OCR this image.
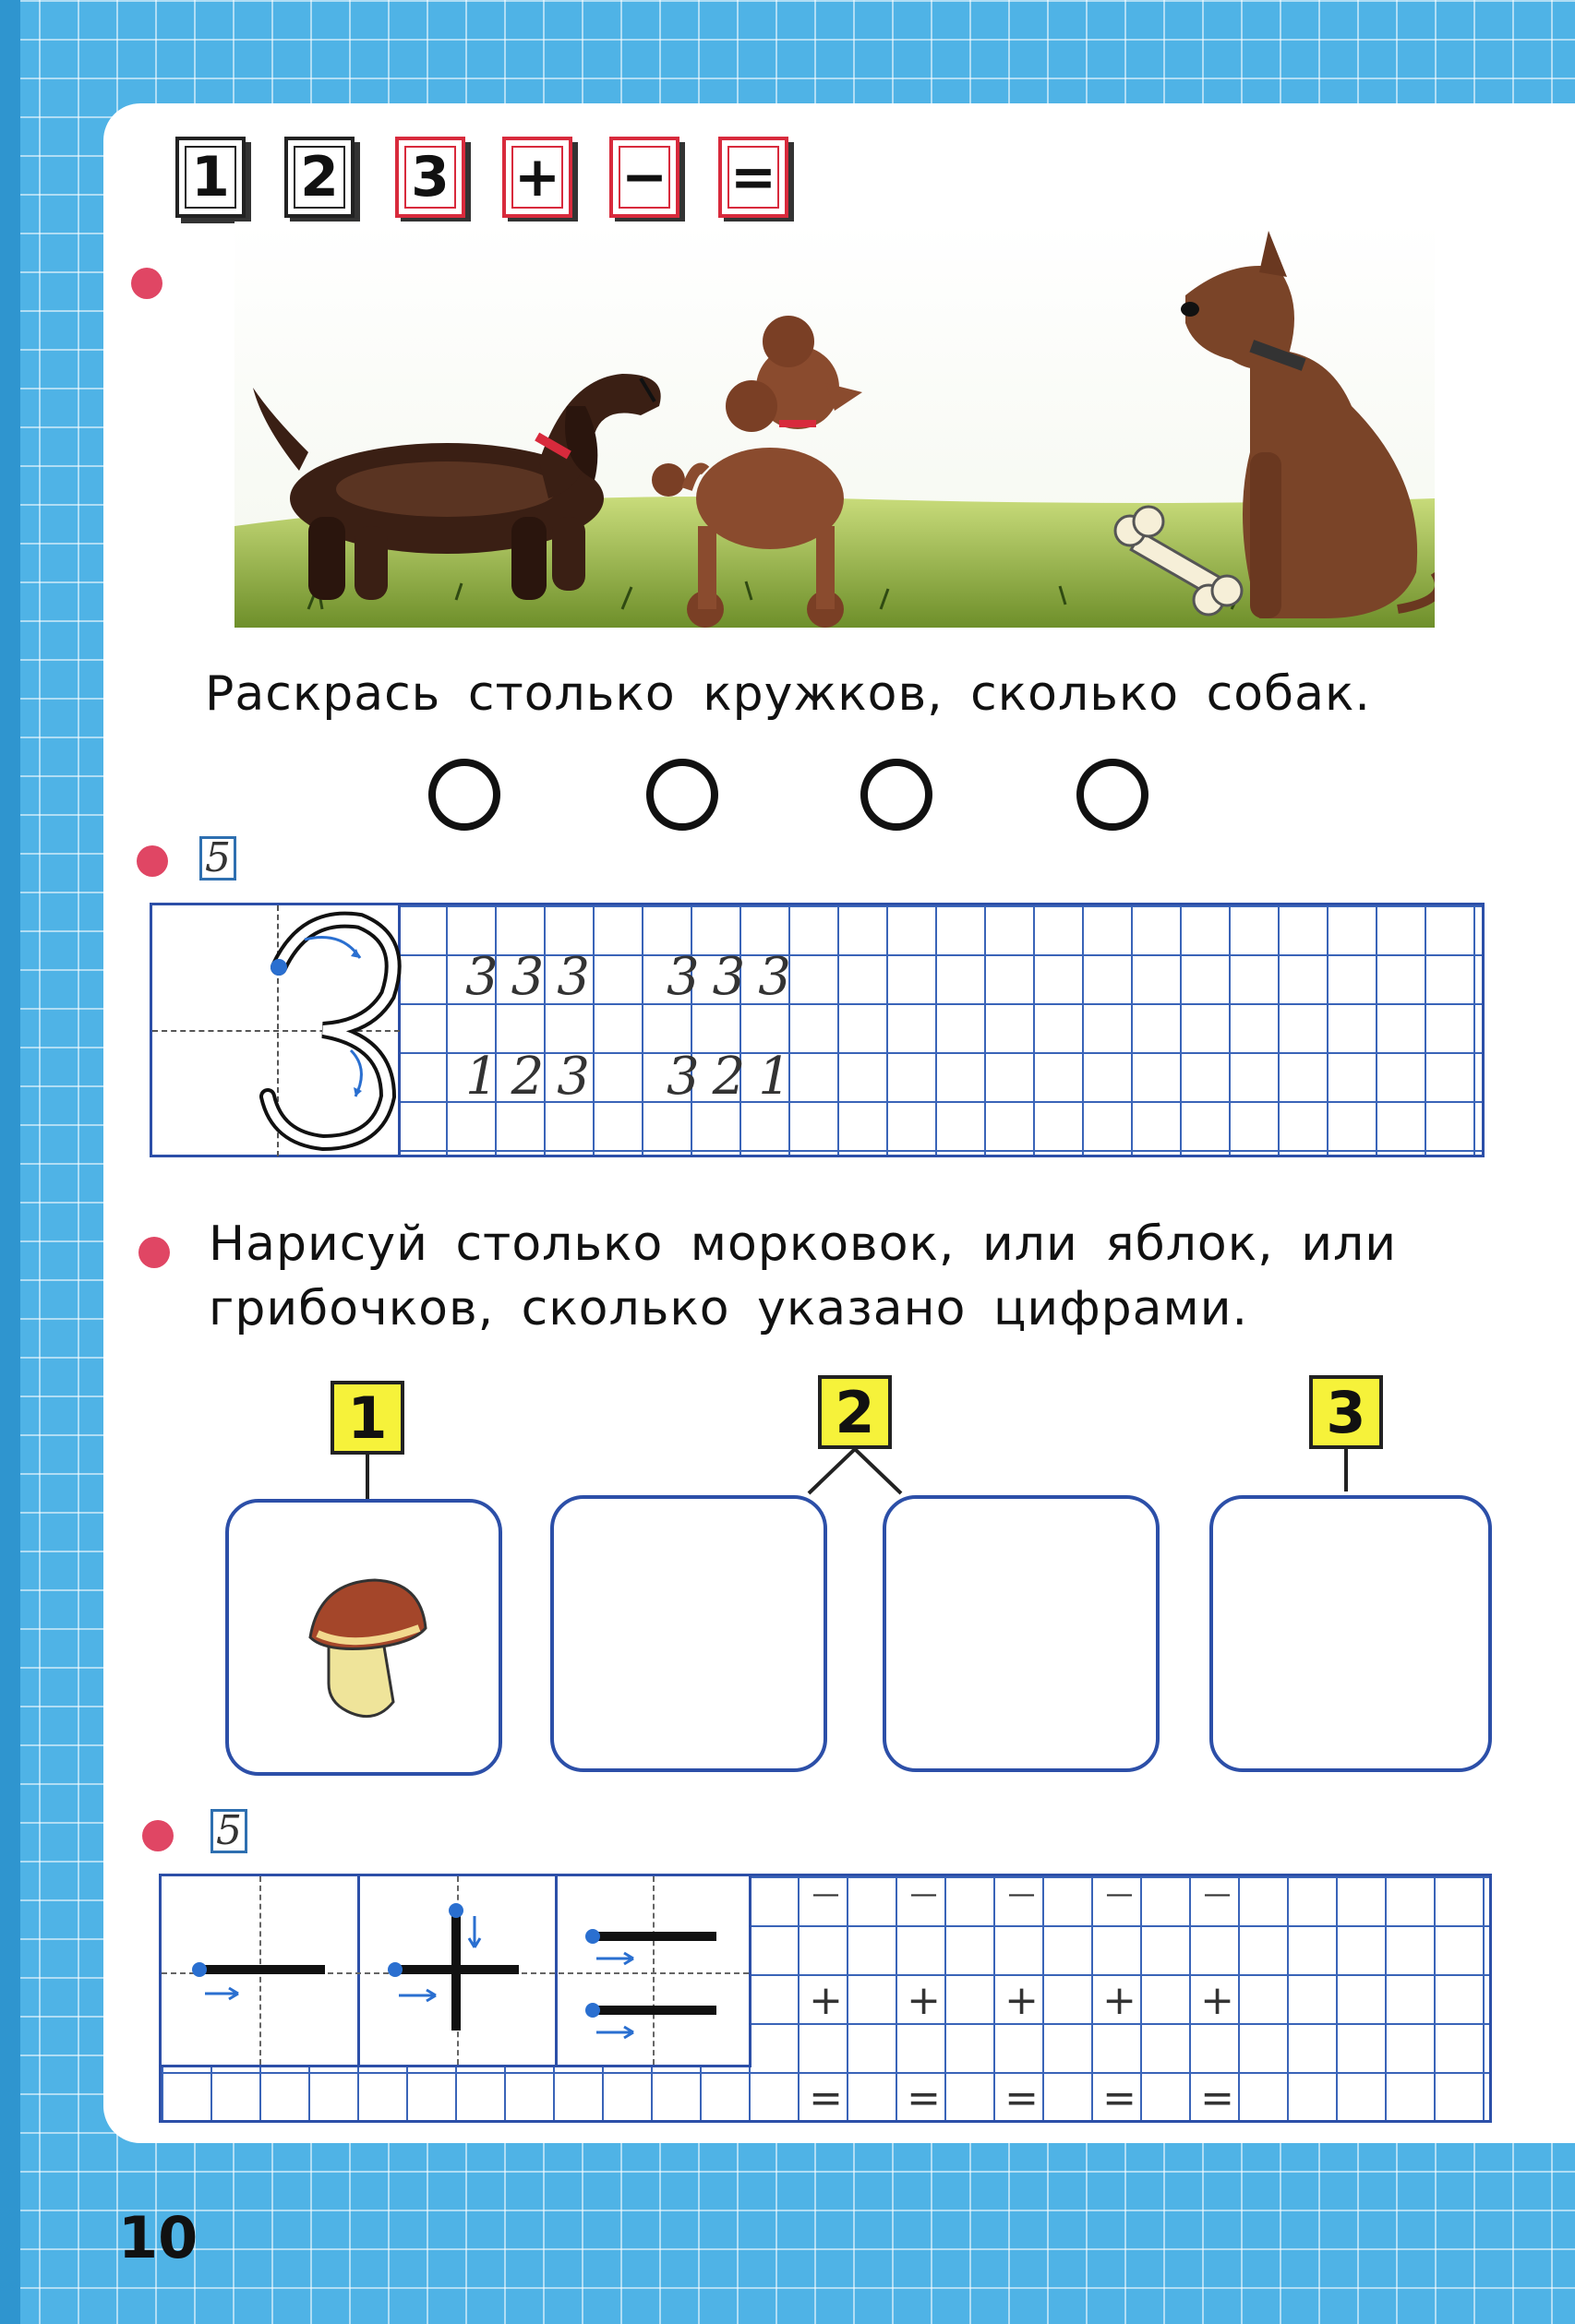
1 2 3 + − =
Раскрась столько кружков, сколько собак.
5
333 333
123 321
Нарисуй столько морковок, или яблок, или
грибочков, сколько указано цифрами.
1	2	3
5
—	—	—	—	—
+ + + + +
= = = = =
10
